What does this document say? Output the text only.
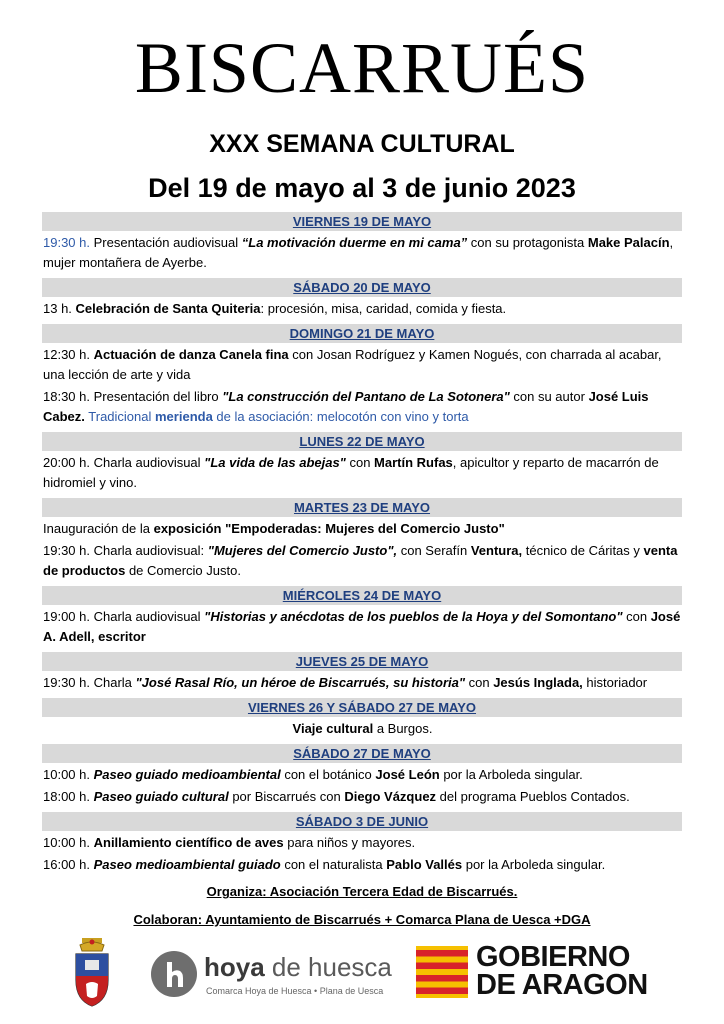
BISCARRUÉS
XXX SEMANA CULTURAL
Del 19 de mayo al 3 de junio 2023
VIERNES 19 DE MAYO
19:30 h. Presentación audiovisual “La motivación duerme en mi cama” con su protagonista Make Palacín, mujer montañera de Ayerbe.
SÁBADO 20 DE MAYO
13 h. Celebración de Santa Quiteria: procesión, misa, caridad, comida y fiesta.
DOMINGO 21 DE MAYO
12:30 h. Actuación de danza Canela fina con Josan Rodríguez y Kamen Nogués, con charrada al acabar, una lección de arte y vida
18:30 h. Presentación del libro "La construcción del Pantano de La Sotonera" con su autor José Luis Cabez. Tradicional merienda de la asociación: melocotón con vino y torta
LUNES 22 DE MAYO
20:00 h. Charla audiovisual "La vida de las abejas" con Martín Rufas, apicultor y reparto de macarrón de hidromiel y vino.
MARTES 23 DE MAYO
Inauguración de la exposición "Empoderadas: Mujeres del Comercio Justo"
19:30 h. Charla audiovisual: "Mujeres del Comercio Justo", con Serafín Ventura, técnico de Cáritas y venta de productos de Comercio Justo.
MIÉRCOLES 24 DE MAYO
19:00 h. Charla audiovisual "Historias y anécdotas de los pueblos de la Hoya y del Somontano" con José A. Adell, escritor
JUEVES 25 DE MAYO
19:30 h. Charla "José Rasal Río, un héroe de Biscarrués, su historia" con Jesús Inglada, historiador
VIERNES 26 Y SÁBADO 27 DE MAYO
Viaje cultural a Burgos.
SÁBADO 27 DE MAYO
10:00 h. Paseo guiado medioambiental con el botánico José León por la Arboleda singular.
18:00 h. Paseo guiado cultural por Biscarrués con Diego Vázquez del programa Pueblos Contados.
SÁBADO 3 DE JUNIO
10:00 h. Anillamiento científico de aves para niños y mayores.
16:00 h. Paseo medioambiental guiado con el naturalista Pablo Vallés por la Arboleda singular.
Organiza: Asociación Tercera Edad de Biscarrués.
Colaboran: Ayuntamiento de Biscarrués + Comarca Plana de Uesca +DGA
hoya de huesca
Comarca Hoya de Huesca • Plana de Uesca
GOBIERNO
DE ARAGON
